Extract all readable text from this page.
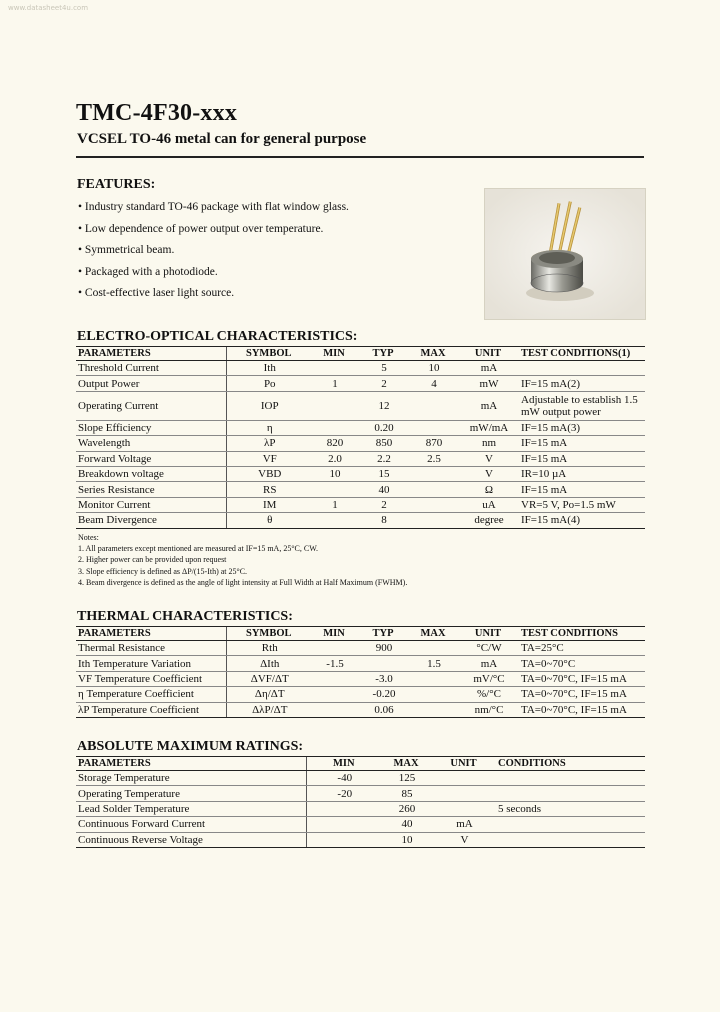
www.datasheet4u.com
TMC-4F30-xxx
VCSEL TO-46 metal can for general purpose
FEATURES:
• Industry standard TO-46 package with flat window glass.
• Low dependence of power output over temperature.
• Symmetrical beam.
• Packaged with a photodiode.
• Cost-effective laser light source.
ELECTRO-OPTICAL CHARACTERISTICS:
PARAMETERS	SYMBOL	MIN	TYP	MAX	UNIT	TEST CONDITIONS(1)
Threshold Current	Ith		5	10	mA	
Output Power	Po	1	2	4	mW	IF=15 mA(2)
Operating Current	IOP		12		mA	Adjustable to establish 1.5 mW output power
Slope Efficiency	η		0.20		mW/mA	IF=15 mA(3)
Wavelength	λP	820	850	870	nm	IF=15 mA
Forward Voltage	VF	2.0	2.2	2.5	V	IF=15 mA
Breakdown voltage	VBD	10	15		V	IR=10 µA
Series Resistance	RS		40		Ω	IF=15 mA
Monitor Current	IM	1	2		uA	VR=5 V, Po=1.5 mW
Beam Divergence	θ		8		degree	IF=15 mA(4)
Notes:
1. All parameters except mentioned are measured at IF=15 mA, 25°C, CW.
2. Higher power can be provided upon request
3. Slope efficiency is defined as ΔP/(15-Ith) at 25°C.
4. Beam divergence is defined as the angle of light intensity at Full Width at Half Maximum (FWHM).
THERMAL CHARACTERISTICS:
PARAMETERS	SYMBOL	MIN	TYP	MAX	UNIT	TEST CONDITIONS
Thermal Resistance	Rth		900		°C/W	TA=25°C
Ith Temperature Variation	ΔIth	-1.5		1.5	mA	TA=0~70°C
VF Temperature Coefficient	ΔVF/ΔT		-3.0		mV/°C	TA=0~70°C, IF=15 mA
η Temperature Coefficient	Δη/ΔT		-0.20		%/°C	TA=0~70°C, IF=15 mA
λP Temperature Coefficient	ΔλP/ΔT		0.06		nm/°C	TA=0~70°C, IF=15 mA
ABSOLUTE MAXIMUM RATINGS:
PARAMETERS	MIN	MAX	UNIT	CONDITIONS
Storage Temperature	-40	125		
Operating Temperature	-20	85		
Lead Solder Temperature		260		5 seconds
Continuous Forward Current		40	mA	
Continuous Reverse Voltage		10	V	
